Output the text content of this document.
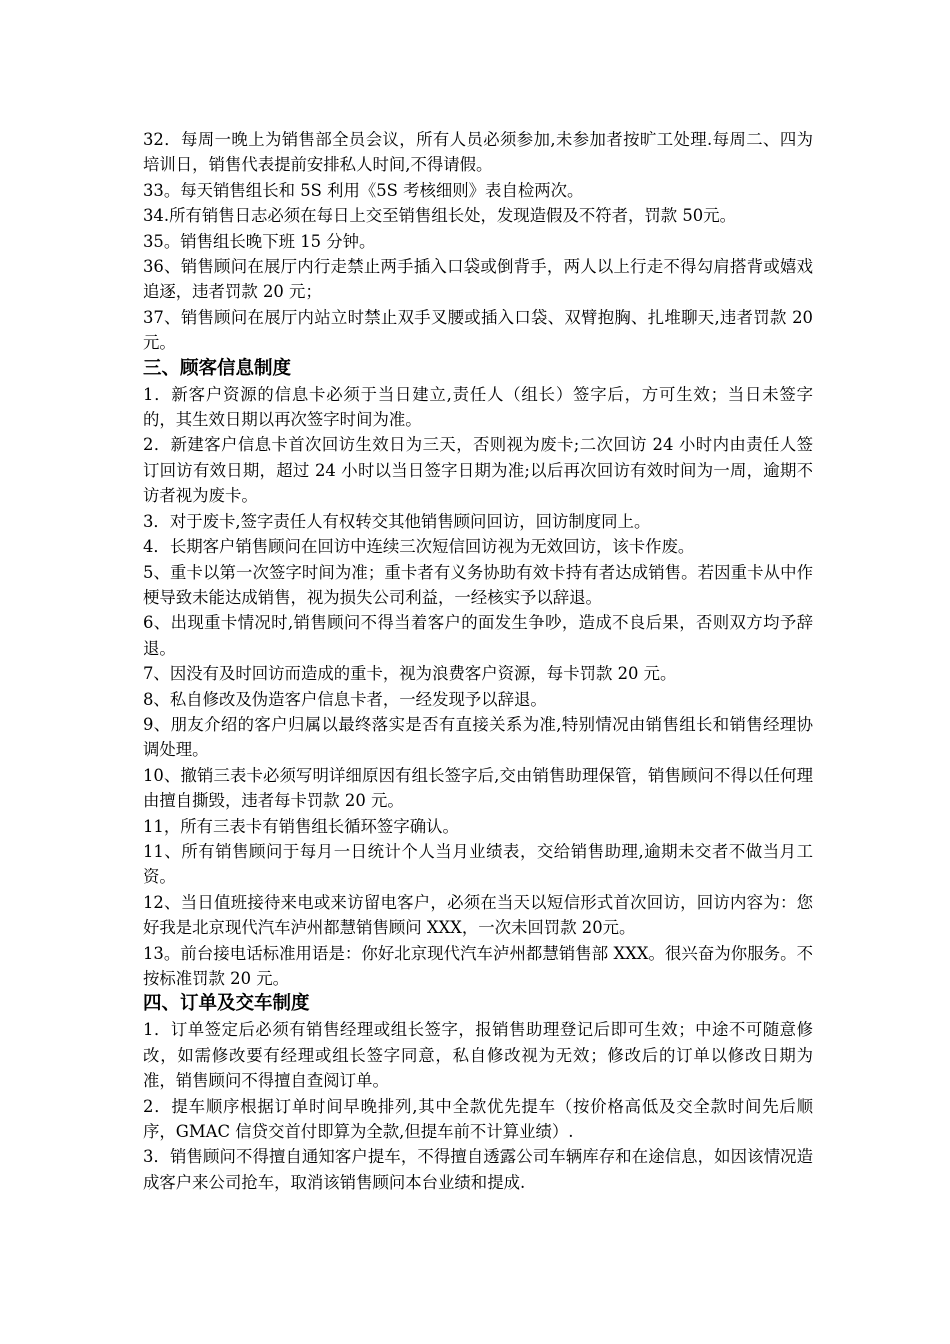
32．每周一晚上为销售部全员会议，所有人员必须参加,未参加者按旷工处理.每周二、四为培训日，销售代表提前安排私人时间,不得请假。

33。每天销售组长和 5S 利用《5S 考核细则》表自检两次。

34.所有销售日志必须在每日上交至销售组长处，发现造假及不符者，罚款 50元。

35。销售组长晚下班 15 分钟。

36、销售顾问在展厅内行走禁止两手插入口袋或倒背手，两人以上行走不得勾肩搭背或嬉戏追逐，违者罚款 20 元；

37、销售顾问在展厅内站立时禁止双手叉腰或插入口袋、双臂抱胸、扎堆聊天,违者罚款 20 元。

三、顾客信息制度

1．新客户资源的信息卡必须于当日建立,责任人（组长）签字后，方可生效；当日未签字的，其生效日期以再次签字时间为准。

2．新建客户信息卡首次回访生效日为三天，否则视为废卡;二次回访 24 小时内由责任人签订回访有效日期，超过 24 小时以当日签字日期为准;以后再次回访有效时间为一周，逾期不访者视为废卡。

3．对于废卡,签字责任人有权转交其他销售顾问回访，回访制度同上。

4．长期客户销售顾问在回访中连续三次短信回访视为无效回访，该卡作废。

5、重卡以第一次签字时间为准；重卡者有义务协助有效卡持有者达成销售。若因重卡从中作梗导致未能达成销售，视为损失公司利益，一经核实予以辞退。

6、出现重卡情况时,销售顾问不得当着客户的面发生争吵，造成不良后果，否则双方均予辞退。

7、因没有及时回访而造成的重卡，视为浪费客户资源，每卡罚款 20 元。

8、私自修改及伪造客户信息卡者，一经发现予以辞退。

9、朋友介绍的客户归属以最终落实是否有直接关系为准,特别情况由销售组长和销售经理协调处理。

10、撤销三表卡必须写明详细原因有组长签字后,交由销售助理保管，销售顾问不得以任何理由擅自撕毁，违者每卡罚款 20 元。

11，所有三表卡有销售组长循环签字确认。

11、所有销售顾问于每月一日统计个人当月业绩表，交给销售助理,逾期未交者不做当月工资。

12、当日值班接待来电或来访留电客户，必须在当天以短信形式首次回访，回访内容为：您好我是北京现代汽车泸州都慧销售顾问 XXX，一次未回罚款 20元。

13。前台接电话标准用语是：你好北京现代汽车泸州都慧销售部 XXX。很兴奋为你服务。不按标准罚款 20 元。

四、订单及交车制度

1．订单签定后必须有销售经理或组长签字，报销售助理登记后即可生效；中途不可随意修改，如需修改要有经理或组长签字同意，私自修改视为无效；修改后的订单以修改日期为准，销售顾问不得擅自查阅订单。

2．提车顺序根据订单时间早晚排列,其中全款优先提车（按价格高低及交全款时间先后顺序，GMAC 信贷交首付即算为全款,但提车前不计算业绩）.

3．销售顾问不得擅自通知客户提车，不得擅自透露公司车辆库存和在途信息，如因该情况造成客户来公司抢车，取消该销售顾问本台业绩和提成.
